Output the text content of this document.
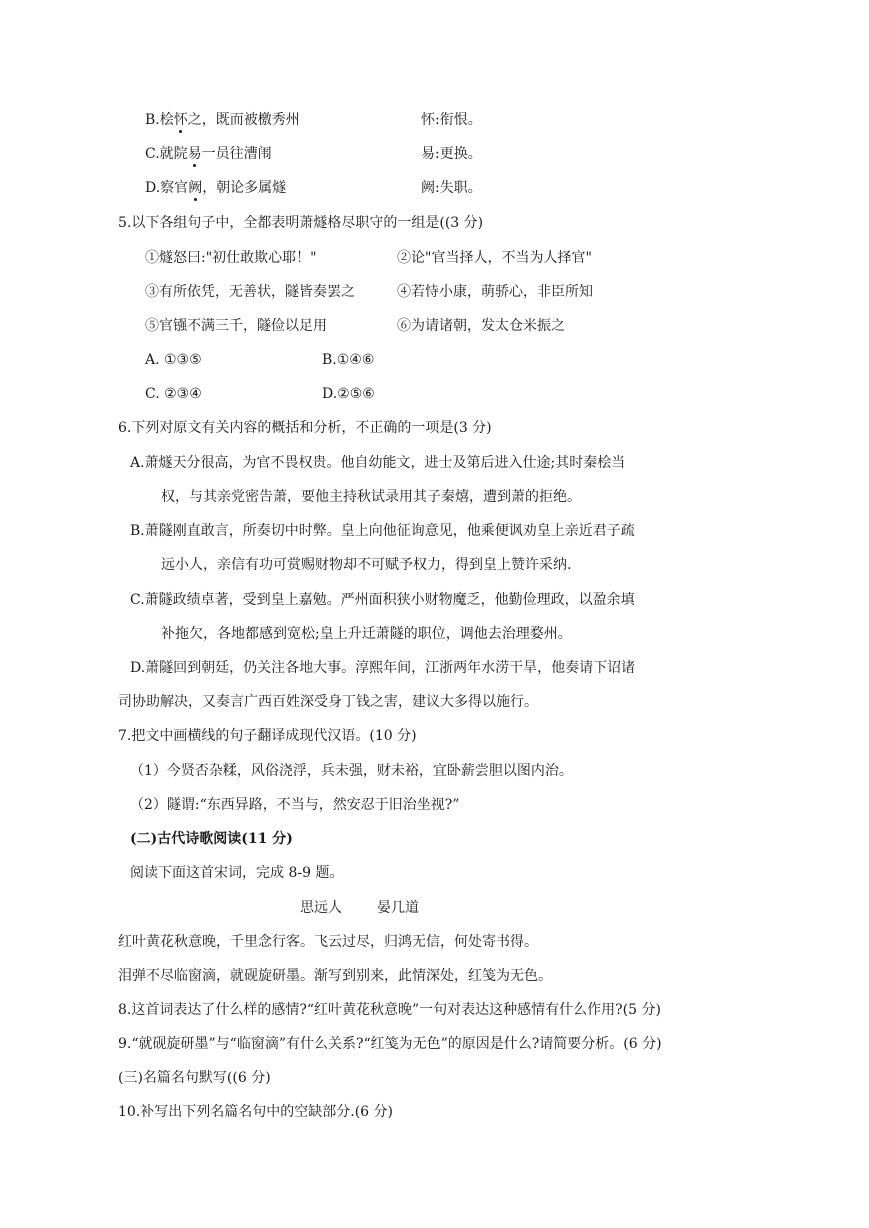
B.桧怀之，既而被檄秀州	怀:衔恨。
C.就院易一员往漕闱	易:更换。
D.察官阙，朝论多属燧	阙:失职。
5.以下各组句子中，全都表明萧燧格尽职守的一组是((3 分)
①燧怒曰:"初仕敢欺心耶！"	②论"官当择人，不当为人择官"
③有所依凭，无善状，隧皆奏罢之	④若恃小康，萌骄心，非臣所知
⑤官镪不满三千，隧俭以足用	⑥为请诸朝，发太仓米振之
A. ①③⑤	B.①④⑥
C. ②③④	D.②⑤⑥
6.下列对原文有关内容的概括和分析，不正确的一项是(3 分)
A.萧燧天分很高，为官不畏权贵。他自幼能文，进士及第后进入仕途;其时秦桧当
权，与其亲党密告萧，要他主持秋试录用其子秦熺，遭到萧的拒绝。
B.萧隧刚直敢言，所奏切中时弊。皇上向他征询意见，他乘便讽劝皇上亲近君子疏
远小人，亲信有功可赏赐财物却不可赋予权力，得到皇上赞许采纳.
C.萧隧政绩卓著，受到皇上嘉勉。严州面积狭小财物魔乏，他勤俭理政，以盈余填
补拖欠，各地都感到宽松;皇上升迁萧隧的职位，调他去治理婺州。
D.萧隧回到朝廷，仍关注各地大事。淳熙年间，江浙两年水涝干旱，他奏请下诏诸
司协助解决，又奏言广西百姓深受身丁钱之害，建议大多得以施行。
7.把文中画横线的句子翻译成现代汉语。(10 分)
（1）今贤否杂糅，风俗浇浮，兵未强，财未裕，宜卧薪尝胆以图内治。
（2）隧谓:“东西异路，不当与，然安忍于旧治坐视?”
(二)古代诗歌阅读(11 分)
阅读下面这首宋词，完成 8-9 题。
思远人	晏几道
红叶黄花秋意晚，千里念行客。飞云过尽，归鸿无信，何处寄书得。
泪弹不尽临窗滴，就砚旋研墨。渐写到别来，此情深处，红笺为无色。
8.这首词表达了什么样的感情?“红叶黄花秋意晚”一句对表达这种感情有什么作用?(5 分)
9.“就砚旋研墨”与“临窗滴”有什么关系?“红笺为无色”的原因是什么?请简要分析。(6 分)
(三)名篇名句默写((6 分)
10.补写出下列名篇名句中的空缺部分.(6 分)
